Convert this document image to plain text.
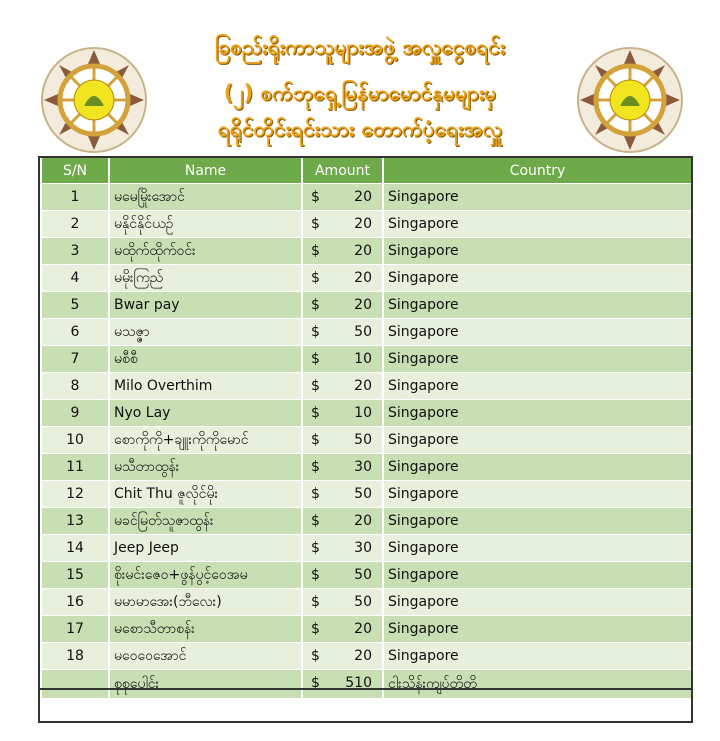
ခြစည်းရိုးကာသူများအဖွဲ့ အလှူငွေစရင်း
(၂) စက်ဘုရှေ့မြန်မာမောင်နှမများမှ
ရရိုင်တိုင်းရင်းသား တောက်ပံ့ရေးအလှူ
S/N	Name	Amount	Country
1	မမေမြိုးအောင်	$ 20	Singapore
2	မနိုင်နိုင်ယဉ်	$ 20	Singapore
3	မထိုက်ထိုက်ဝင်း	$ 20	Singapore
4	မမိုးကြည်	$ 20	Singapore
5	Bwar pay	$ 20	Singapore
6	မသဇ္ဇာ	$ 50	Singapore
7	မစီစီ	$ 10	Singapore
8	Milo Overthim	$ 20	Singapore
9	Nyo Lay	$ 10	Singapore
10	စောကိုကို+ချူးကိုကိုမောင်	$ 50	Singapore
11	မသီတာထွန်း	$ 30	Singapore
12	Chit Thu ဇူလိုင်မိုး	$ 50	Singapore
13	မခင်မြတ်သူဇာထွန်း	$ 20	Singapore
14	Jeep Jeep	$ 30	Singapore
15	စိုးမင်းဇေဝ+ဖွန်ပွင့်ဝေအမ	$ 50	Singapore
16	မမာမာအေး(ဘီလေး)	$ 50	Singapore
17	မစောသီတာစန်း	$ 20	Singapore
18	မဝေဝေအောင်	$ 20	Singapore
	စုစုပေါင်း	$ 510	ငါးသိန်းကျပ်တိတိ
